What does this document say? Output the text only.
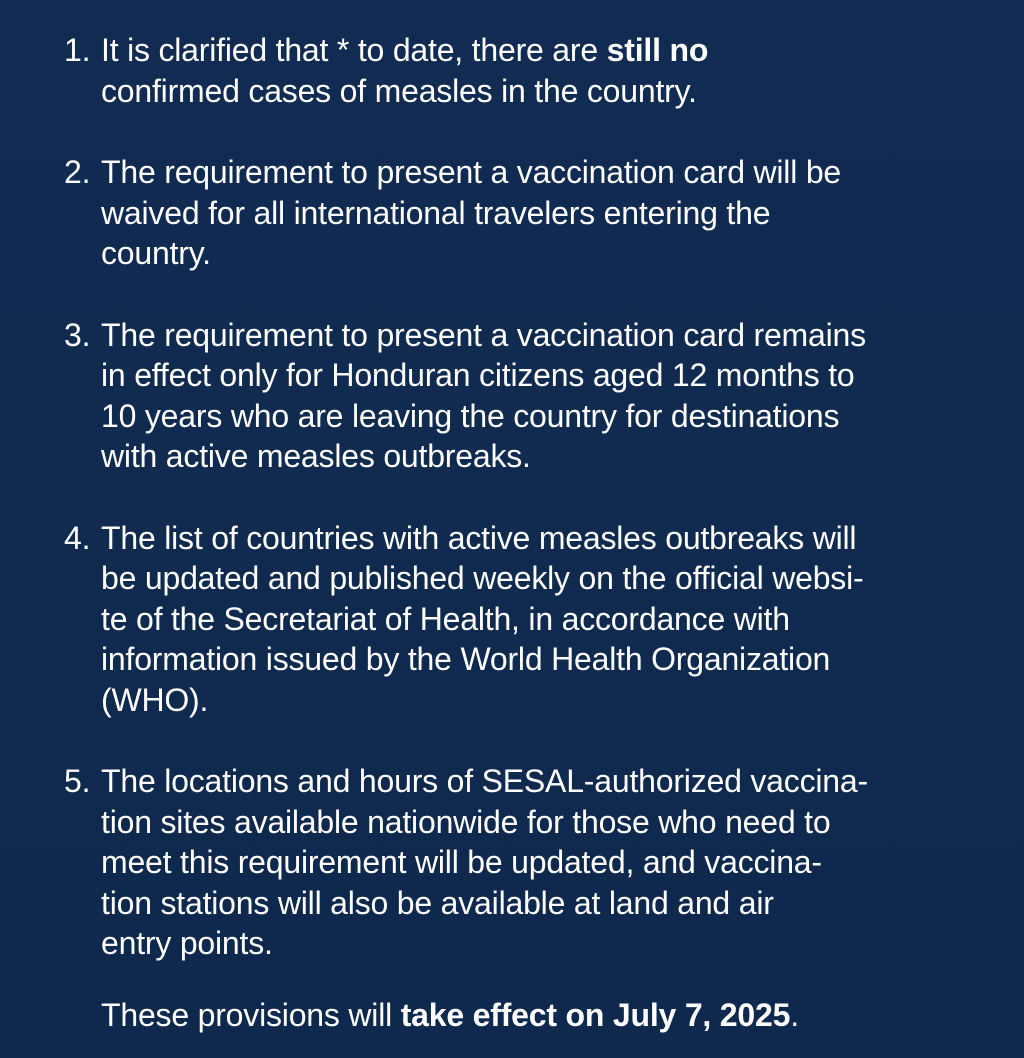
1. It is clarified that * to date, there are still no
confirmed cases of measles in the country.
2. The requirement to present a vaccination card will be
waived for all international travelers entering the
country.
3. The requirement to present a vaccination card remains
in effect only for Honduran citizens aged 12 months to
10 years who are leaving the country for destinations
with active measles outbreaks.
4. The list of countries with active measles outbreaks will
be updated and published weekly on the official websi-
te of the Secretariat of Health, in accordance with
information issued by the World Health Organization
(WHO).
5. The locations and hours of SESAL-authorized vaccina-
tion sites available nationwide for those who need to
meet this requirement will be updated, and vaccina-
tion stations will also be available at land and air
entry points.
These provisions will take effect on July 7, 2025.
